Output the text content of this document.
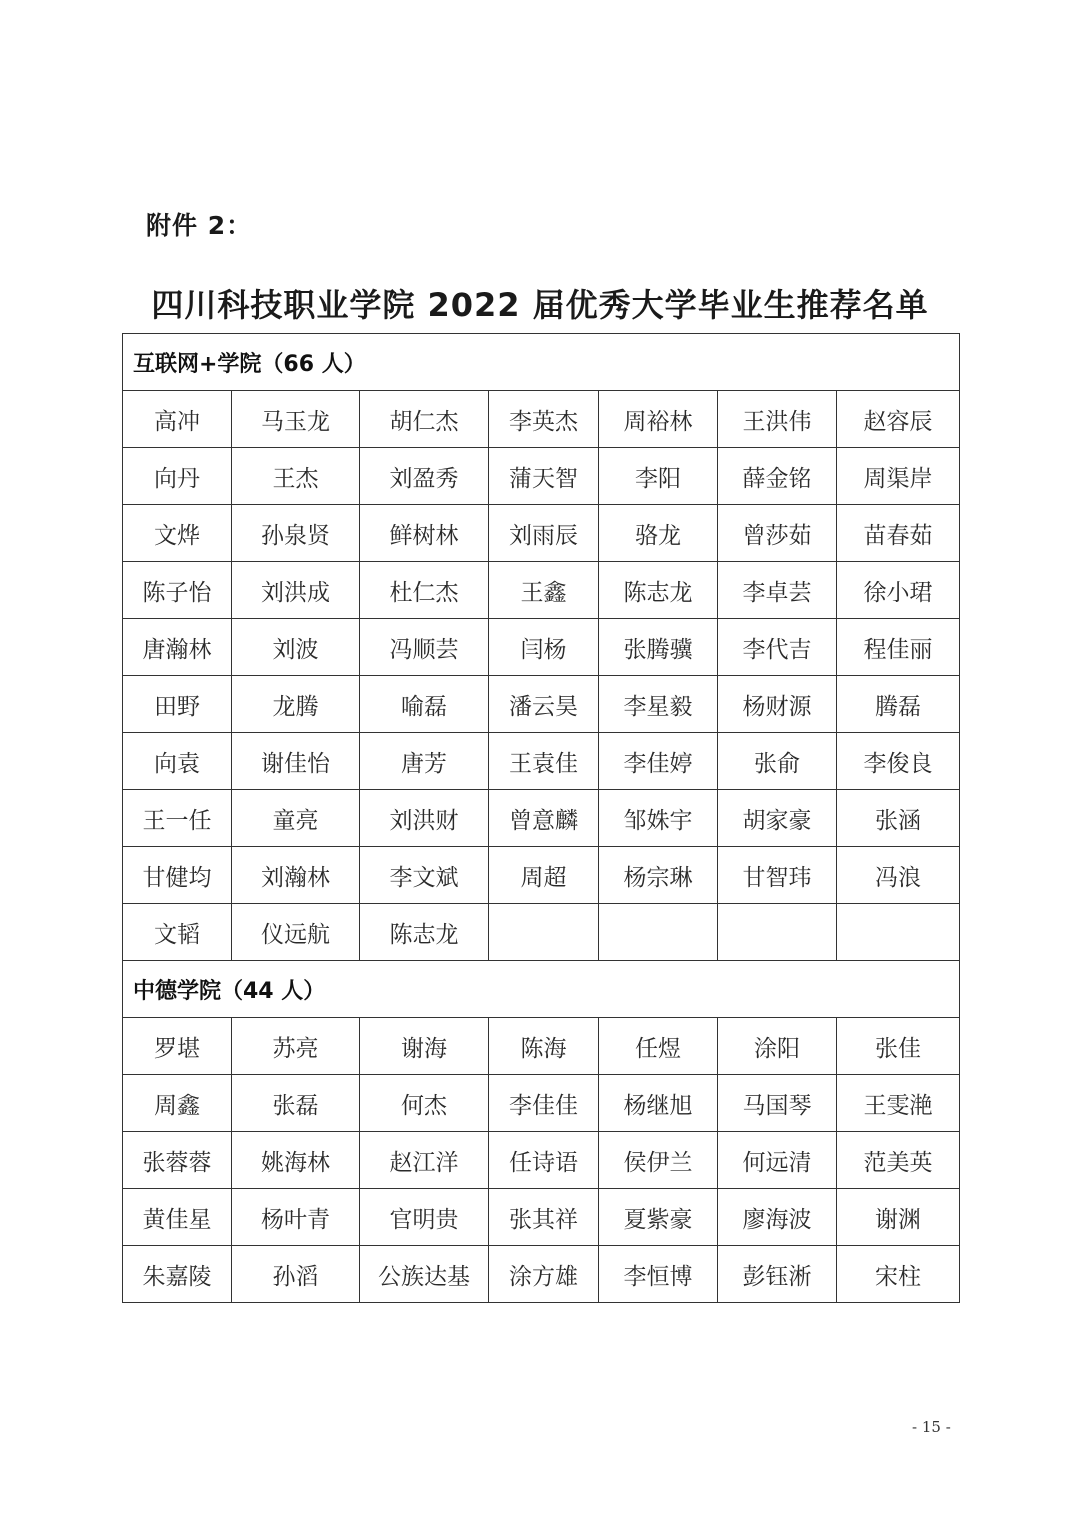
附件 2：
四川科技职业学院 2022 届优秀大学毕业生推荐名单
互联网+学院（66 人）						
高冲	马玉龙	胡仁杰	李英杰	周裕林	王洪伟	赵容辰
向丹	王杰	刘盈秀	蒲天智	李阳	薛金铭	周渠岸
文烨	孙泉贤	鲜树林	刘雨辰	骆龙	曾莎茹	苗春茹
陈子怡	刘洪成	杜仁杰	王鑫	陈志龙	李卓芸	徐小珺
唐瀚林	刘波	冯顺芸	闫杨	张腾骥	李代吉	程佳丽
田野	龙腾	喻磊	潘云昊	李星毅	杨财源	腾磊
向袁	谢佳怡	唐芳	王袁佳	李佳婷	张俞	李俊良
王一任	童亮	刘洪财	曾意麟	邹姝宇	胡家豪	张涵
甘健均	刘瀚林	李文斌	周超	杨宗琳	甘智玮	冯浪
文韬	仪远航	陈志龙				
中德学院（44 人）						
罗堪	苏亮	谢海	陈海	任煜	涂阳	张佳
周鑫	张磊	何杰	李佳佳	杨继旭	马国琴	王雯滟
张蓉蓉	姚海林	赵江洋	任诗语	侯伊兰	何远清	范美英
黄佳星	杨叶青	官明贵	张其祥	夏紫豪	廖海波	谢渊
朱嘉陵	孙滔	公族达基	涂方雄	李恒博	彭钰淅	宋柱
- 15 -
